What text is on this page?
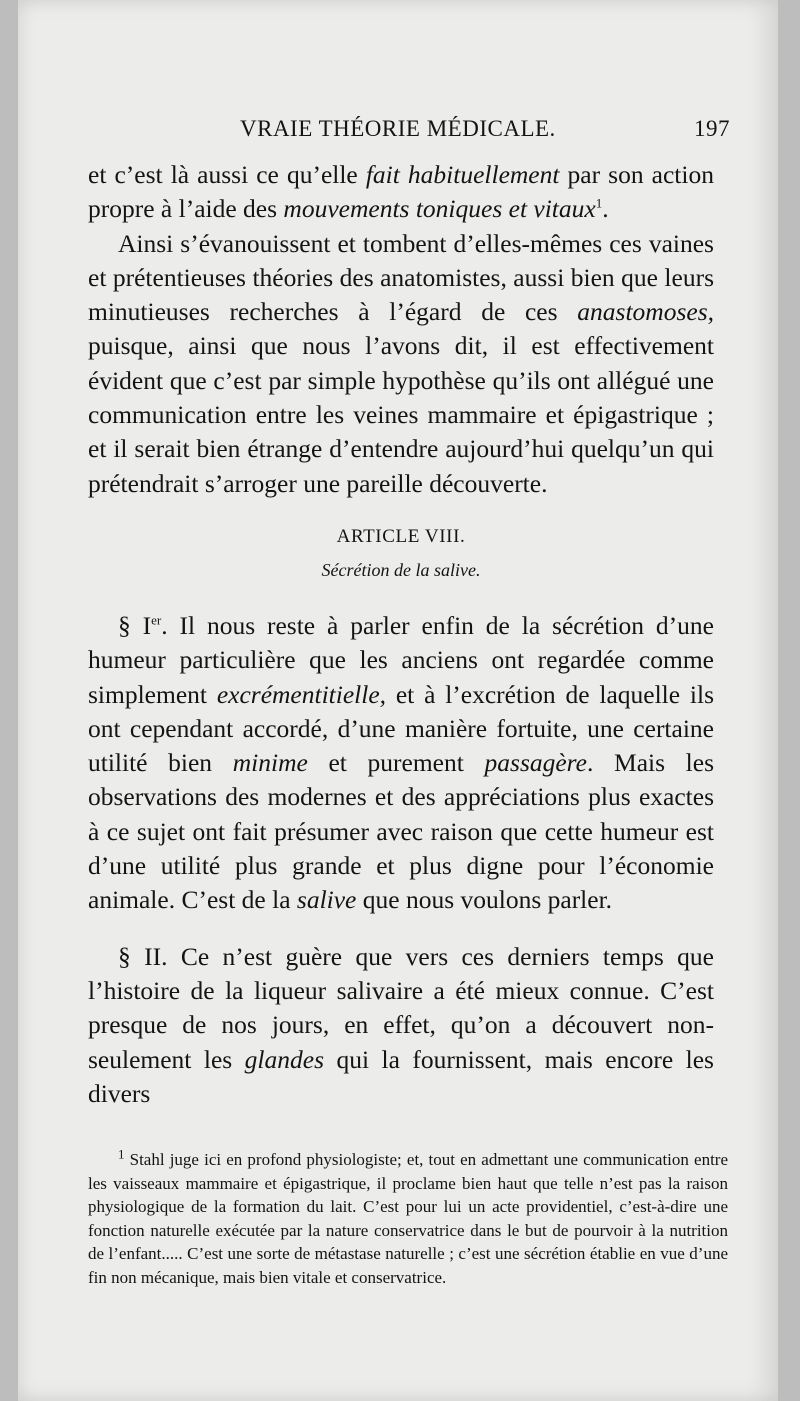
VRAIE THÉORIE MÉDICALE.	197

et c’est là aussi ce qu’elle fait habituellement par son action propre à l’aide des mouvements toniques et vitaux$^1$.

Ainsi s’évanouissent et tombent d’elles-mêmes ces vaines et prétentieuses théories des anatomistes, aussi bien que leurs minutieuses recherches à l’égard de ces anastomoses, puisque, ainsi que nous l’avons dit, il est effectivement évident que c’est par simple hypothèse qu’ils ont allégué une communication entre les veines mammaire et épigastrique ; et il serait bien étrange d’entendre aujourd’hui quelqu’un qui prétendrait s’arroger une pareille découverte.

ARTICLE VIII.
Sécrétion de la salive.

§ Ier. Il nous reste à parler enfin de la sécrétion d’une humeur particulière que les anciens ont regardée comme simplement excrémentitielle, et à l’excrétion de laquelle ils ont cependant accordé, d’une manière fortuite, une certaine utilité bien minime et purement passagère. Mais les observations des modernes et des appréciations plus exactes à ce sujet ont fait présumer avec raison que cette humeur est d’une utilité plus grande et plus digne pour l’économie animale. C’est de la salive que nous voulons parler.

§ II. Ce n’est guère que vers ces derniers temps que l’histoire de la liqueur salivaire a été mieux connue. C’est presque de nos jours, en effet, qu’on a découvert non-seulement les glandes qui la fournissent, mais encore les divers

$^1$ Stahl juge ici en profond physiologiste; et, tout en admettant une communication entre les vaisseaux mammaire et épigastrique, il proclame bien haut que telle n’est pas la raison physiologique de la formation du lait. C’est pour lui un acte providentiel, c’est-à-dire une fonction naturelle exécutée par la nature conservatrice dans le but de pourvoir à la nutrition de l’enfant..... C’est une sorte de métastase naturelle ; c’est une sécrétion établie en vue d’une fin non mécanique, mais bien vitale et conservatrice.
